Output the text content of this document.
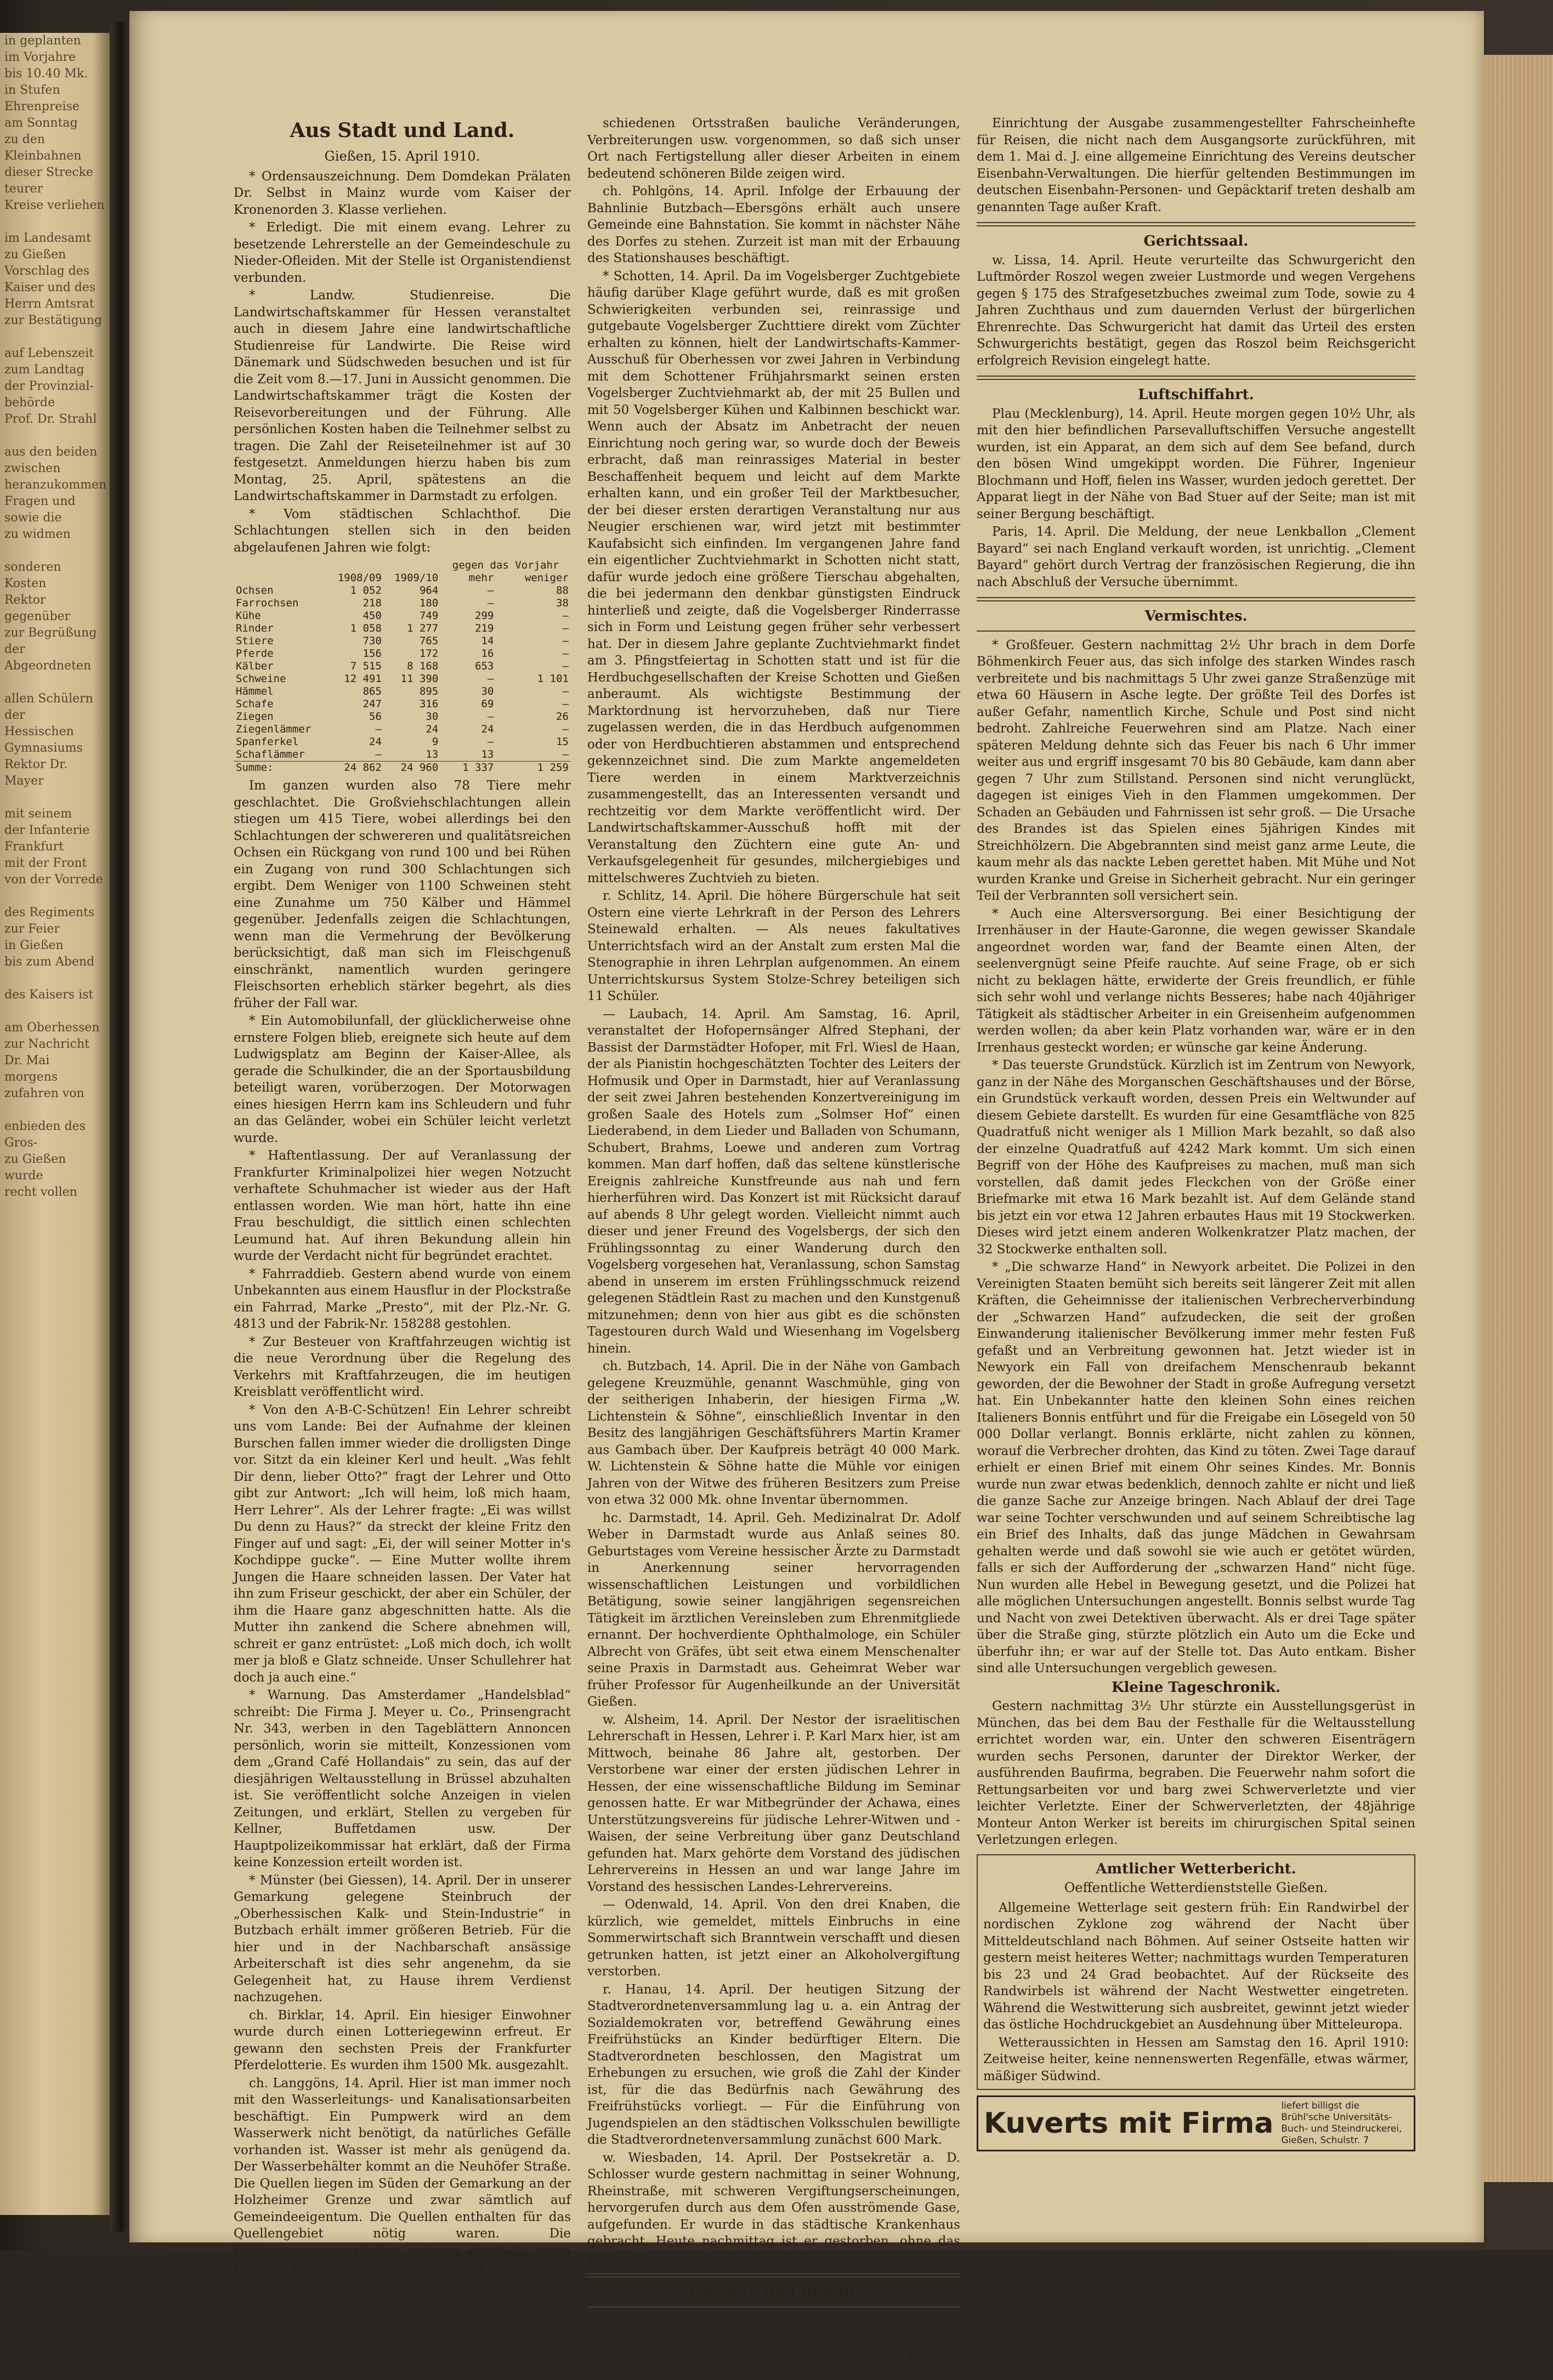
in geplanten
im Vorjahre
bis 10.40 Mk.
in Stufen
Ehrenpreise
am Sonntag
zu den Kleinbahnen
dieser Strecke
teurer
Kreise verliehen

im Landesamt
zu Gießen
Vorschlag des
Kaiser und des
Herrn Amtsrat
zur Bestätigung

auf Lebenszeit
zum Landtag
der Provinzial-
behörde
Prof. Dr. Strahl

aus den beiden
zwischen
heranzukommen
Fragen und
sowie die
zu widmen

sonderen Kosten
Rektor gegenüber
zur Begrüßung
der Abgeordneten

allen Schülern der
Hessischen
Gymnasiums
Rektor Dr. Mayer

mit seinem
der Infanterie
Frankfurt
mit der Front
von der Vorrede

des Regiments
zur Feier
in Gießen
bis zum Abend

des Kaisers ist

am Oberhessen
zur Nachricht
Dr. Mai morgens
zufahren von

enbieden des Gros-
zu Gießen
wurde
recht vollen
Aus Stadt und Land.
Gießen, 15. April 1910.

* Ordensauszeichnung. Dem Domdekan Prälaten Dr. Selbst in Mainz wurde vom Kaiser der Kronenorden 3. Klasse verliehen.

* Erledigt. Die mit einem evang. Lehrer zu besetzende Lehrerstelle an der Gemeindeschule zu Nieder-Ofleiden. Mit der Stelle ist Organistendienst verbunden.

* Landw. Studienreise. Die Landwirtschaftskammer für Hessen veranstaltet auch in diesem Jahre eine landwirtschaftliche Studienreise für Landwirte. Die Reise wird Dänemark und Südschweden besuchen und ist für die Zeit vom 8.—17. Juni in Aussicht genommen. Die Landwirtschaftskammer trägt die Kosten der Reisevorbereitungen und der Führung. Alle persönlichen Kosten haben die Teilnehmer selbst zu tragen. Die Zahl der Reiseteilnehmer ist auf 30 festgesetzt. Anmeldungen hierzu haben bis zum Montag, 25. April, spätestens an die Landwirtschaftskammer in Darmstadt zu erfolgen.

* Vom städtischen Schlachthof. Die Schlachtungen stellen sich in den beiden abgelaufenen Jahren wie folgt:

			gegen das Vorjahr	
	1908/09	1909/10	mehr	weniger
Ochsen	1 052	964	—	88
Farrochsen	218	180	—	38
Kühe	450	749	299	—
Rinder	1 058	1 277	219	—
Stiere	730	765	14	—
Pferde	156	172	16	—
Kälber	7 515	8 168	653	—
Schweine	12 491	11 390	—	1 101
Hämmel	865	895	30	—
Schafe	247	316	69	—
Ziegen	56	30	—	26
Ziegenlämmer	—	24	24	—
Spanferkel	24	9	—	15
Schaflämmer	—	13	13	—
Summe:	24 862	24 960	1 337	1 259

Im ganzen wurden also 78 Tiere mehr geschlachtet. Die Großviehschlachtungen allein stiegen um 415 Tiere, wobei allerdings bei den Schlachtungen der schwereren und qualitätsreichen Ochsen ein Rückgang von rund 100 und bei Rühen ein Zugang von rund 300 Schlachtungen sich ergibt. Dem Weniger von 1100 Schweinen steht eine Zunahme um 750 Kälber und Hämmel gegenüber. Jedenfalls zeigen die Schlachtungen, wenn man die Vermehrung der Bevölkerung berücksichtigt, daß man sich im Fleischgenuß einschränkt, namentlich wurden geringere Fleischsorten erheblich stärker begehrt, als dies früher der Fall war.

* Ein Automobilunfall, der glücklicherweise ohne ernstere Folgen blieb, ereignete sich heute auf dem Ludwigsplatz am Beginn der Kaiser-Allee, als gerade die Schulkinder, die an der Sportausbildung beteiligt waren, vorüberzogen. Der Motorwagen eines hiesigen Herrn kam ins Schleudern und fuhr an das Geländer, wobei ein Schüler leicht verletzt wurde.

* Haftentlassung. Der auf Veranlassung der Frankfurter Kriminalpolizei hier wegen Notzucht verhaftete Schuhmacher ist wieder aus der Haft entlassen worden. Wie man hört, hatte ihn eine Frau beschuldigt, die sittlich einen schlechten Leumund hat. Auf ihren Bekundung allein hin wurde der Verdacht nicht für begründet erachtet.

* Fahrraddieb. Gestern abend wurde von einem Unbekannten aus einem Hausflur in der Plockstraße ein Fahrrad, Marke „Presto“, mit der Plz.-Nr. G. 4813 und der Fabrik-Nr. 158288 gestohlen.

* Zur Besteuer von Kraftfahrzeugen wichtig ist die neue Verordnung über die Regelung des Verkehrs mit Kraftfahrzeugen, die im heutigen Kreisblatt veröffentlicht wird.

* Von den A-B-C-Schützen! Ein Lehrer schreibt uns vom Lande: Bei der Aufnahme der kleinen Burschen fallen immer wieder die drolligsten Dinge vor. Sitzt da ein kleiner Kerl und heult. „Was fehlt Dir denn, lieber Otto?“ fragt der Lehrer und Otto gibt zur Antwort: „Ich will heim, loß mich haam, Herr Lehrer“. Als der Lehrer fragte: „Ei was willst Du denn zu Haus?“ da streckt der kleine Fritz den Finger auf und sagt: „Ei, der will seiner Motter in's Kochdippe gucke“. — Eine Mutter wollte ihrem Jungen die Haare schneiden lassen. Der Vater hat ihn zum Friseur geschickt, der aber ein Schüler, der ihm die Haare ganz abgeschnitten hatte. Als die Mutter ihn zankend die Schere abnehmen will, schreit er ganz entrüstet: „Loß mich doch, ich wollt mer ja bloß e Glatz schneide. Unser Schullehrer hat doch ja auch eine.“

* Warnung. Das Amsterdamer „Handelsblad“ schreibt: Die Firma J. Meyer u. Co., Prinsengracht Nr. 343, werben in den Tageblättern Annoncen persönlich, worin sie mitteilt, Konzessionen vom dem „Grand Café Hollandais“ zu sein, das auf der diesjährigen Weltausstellung in Brüssel abzuhalten ist. Sie veröffentlicht solche Anzeigen in vielen Zeitungen, und erklärt, Stellen zu vergeben für Kellner, Buffetdamen usw. Der Hauptpolizeikommissar hat erklärt, daß der Firma keine Konzession erteilt worden ist.

* Münster (bei Giessen), 14. April. Der in unserer Gemarkung gelegene Steinbruch der „Oberhessischen Kalk- und Stein-Industrie“ in Butzbach erhält immer größeren Betrieb. Für die hier und in der Nachbarschaft ansässige Arbeiterschaft ist dies sehr angenehm, da sie Gelegenheit hat, zu Hause ihrem Verdienst nachzugehen.

ch. Birklar, 14. April. Ein hiesiger Einwohner wurde durch einen Lotteriegewinn erfreut. Er gewann den sechsten Preis der Frankfurter Pferdelotterie. Es wurden ihm 1500 Mk. ausgezahlt.

ch. Langgöns, 14. April. Hier ist man immer noch mit den Wasserleitungs- und Kanalisationsarbeiten beschäftigt. Ein Pumpwerk wird an dem Wasserwerk nicht benötigt, da natürliches Gefälle vorhanden ist. Wasser ist mehr als genügend da. Der Wasserbehälter kommt an die Neuhöfer Straße. Die Quellen liegen im Süden der Gemarkung an der Holzheimer Grenze und zwar sämtlich auf Gemeindeeigentum. Die Quellen enthalten für das Quellengebiet nötig waren. Die Feldbereinigungsarbeiten nehmen ebenfalls einen raschen Fortgang. In Verbindung mit allen diesen Arbeiten werden in verschiedenen Ortsstraßen bauliche Veränderungen vorgenommen.

schiedenen Ortsstraßen bauliche Veränderungen, Verbreiterungen usw. vorgenommen, so daß sich unser Ort nach Fertigstellung aller dieser Arbeiten in einem bedeutend schöneren Bilde zeigen wird.

ch. Pohlgöns, 14. April. Infolge der Erbauung der Bahnlinie Butzbach—Ebersgöns erhält auch unsere Gemeinde eine Bahnstation. Sie kommt in nächster Nähe des Dorfes zu stehen. Zurzeit ist man mit der Erbauung des Stationshauses beschäftigt.

* Schotten, 14. April. Da im Vogelsberger Zuchtgebiete häufig darüber Klage geführt wurde, daß es mit großen Schwierigkeiten verbunden sei, reinrassige und gutgebaute Vogelsberger Zuchttiere direkt vom Züchter erhalten zu können, hielt der Landwirtschafts-Kammer-Ausschuß für Oberhessen vor zwei Jahren in Verbindung mit dem Schottener Frühjahrsmarkt seinen ersten Vogelsberger Zuchtviehmarkt ab, der mit 25 Bullen und mit 50 Vogelsberger Kühen und Kalbinnen beschickt war. Wenn auch der Absatz im Anbetracht der neuen Einrichtung noch gering war, so wurde doch der Beweis erbracht, daß man reinrassiges Material in bester Beschaffenheit bequem und leicht auf dem Markte erhalten kann, und ein großer Teil der Marktbesucher, der bei dieser ersten derartigen Veranstaltung nur aus Neugier erschienen war, wird jetzt mit bestimmter Kaufabsicht sich einfinden. Im vergangenen Jahre fand ein eigentlicher Zuchtviehmarkt in Schotten nicht statt, dafür wurde jedoch eine größere Tierschau abgehalten, die bei jedermann den denkbar günstigsten Eindruck hinterließ und zeigte, daß die Vogelsberger Rinderrasse sich in Form und Leistung gegen früher sehr verbessert hat. Der in diesem Jahre geplante Zuchtviehmarkt findet am 3. Pfingstfeiertag in Schotten statt und ist für die Herdbuchgesellschaften der Kreise Schotten und Gießen anberaumt. Als wichtigste Bestimmung der Marktordnung ist hervorzuheben, daß nur Tiere zugelassen werden, die in das Herdbuch aufgenommen oder von Herdbuchtieren abstammen und entsprechend gekennzeichnet sind. Die zum Markte angemeldeten Tiere werden in einem Marktverzeichnis zusammengestellt, das an Interessenten versandt und rechtzeitig vor dem Markte veröffentlicht wird. Der Landwirtschaftskammer-Ausschuß hofft mit der Veranstaltung den Züchtern eine gute An- und Verkaufsgelegenheit für gesundes, milchergiebiges und mittelschweres Zuchtvieh zu bieten.

r. Schlitz, 14. April. Die höhere Bürgerschule hat seit Ostern eine vierte Lehrkraft in der Person des Lehrers Steinewald erhalten. — Als neues fakultatives Unterrichtsfach wird an der Anstalt zum ersten Mal die Stenographie in ihren Lehrplan aufgenommen. An einem Unterrichtskursus System Stolze-Schrey beteiligen sich 11 Schüler.

— Laubach, 14. April. Am Samstag, 16. April, veranstaltet der Hofopernsänger Alfred Stephani, der Bassist der Darmstädter Hofoper, mit Frl. Wiesl de Haan, der als Pianistin hochgeschätzten Tochter des Leiters der Hofmusik und Oper in Darmstadt, hier auf Veranlassung der seit zwei Jahren bestehenden Konzertvereinigung im großen Saale des Hotels zum „Solmser Hof“ einen Liederabend, in dem Lieder und Balladen von Schumann, Schubert, Brahms, Loewe und anderen zum Vortrag kommen. Man darf hoffen, daß das seltene künstlerische Ereignis zahlreiche Kunstfreunde aus nah und fern hierherführen wird. Das Konzert ist mit Rücksicht darauf auf abends 8 Uhr gelegt worden. Vielleicht nimmt auch dieser und jener Freund des Vogelsbergs, der sich den Frühlingssonntag zu einer Wanderung durch den Vogelsberg vorgesehen hat, Veranlassung, schon Samstag abend in unserem im ersten Frühlingsschmuck reizend gelegenen Städtlein Rast zu machen und den Kunstgenuß mitzunehmen; denn von hier aus gibt es die schönsten Tagestouren durch Wald und Wiesenhang im Vogelsberg hinein.

ch. Butzbach, 14. April. Die in der Nähe von Gambach gelegene Kreuzmühle, genannt Waschmühle, ging von der seitherigen Inhaberin, der hiesigen Firma „W. Lichtenstein & Söhne“, einschließlich Inventar in den Besitz des langjährigen Geschäftsführers Martin Kramer aus Gambach über. Der Kaufpreis beträgt 40 000 Mark. W. Lichtenstein & Söhne hatte die Mühle vor einigen Jahren von der Witwe des früheren Besitzers zum Preise von etwa 32 000 Mk. ohne Inventar übernommen.

hc. Darmstadt, 14. April. Geh. Medizinalrat Dr. Adolf Weber in Darmstadt wurde aus Anlaß seines 80. Geburtstages vom Vereine hessischer Ärzte zu Darmstadt in Anerkennung seiner hervorragenden wissenschaftlichen Leistungen und vorbildlichen Betätigung, sowie seiner langjährigen segensreichen Tätigkeit im ärztlichen Vereinsleben zum Ehrenmitgliede ernannt. Der hochverdiente Ophthalmologe, ein Schüler Albrecht von Gräfes, übt seit etwa einem Menschenalter seine Praxis in Darmstadt aus. Geheimrat Weber war früher Professor für Augenheilkunde an der Universität Gießen.

w. Alsheim, 14. April. Der Nestor der israelitischen Lehrerschaft in Hessen, Lehrer i. P. Karl Marx hier, ist am Mittwoch, beinahe 86 Jahre alt, gestorben. Der Verstorbene war einer der ersten jüdischen Lehrer in Hessen, der eine wissenschaftliche Bildung im Seminar genossen hatte. Er war Mitbegründer der Achawa, eines Unterstützungsvereins für jüdische Lehrer-Witwen und -Waisen, der seine Verbreitung über ganz Deutschland gefunden hat. Marx gehörte dem Vorstand des jüdischen Lehrervereins in Hessen an und war lange Jahre im Vorstand des hessischen Landes-Lehrervereins.

— Odenwald, 14. April. Von den drei Knaben, die kürzlich, wie gemeldet, mittels Einbruchs in eine Sommerwirtschaft sich Branntwein verschafft und diesen getrunken hatten, ist jetzt einer an Alkoholvergiftung verstorben.

r. Hanau, 14. April. Der heutigen Sitzung der Stadtverordnetenversammlung lag u. a. ein Antrag der Sozialdemokraten vor, betreffend Gewährung eines Freifrühstücks an Kinder bedürftiger Eltern. Die Stadtverordneten beschlossen, den Magistrat um Erhebungen zu ersuchen, wie groß die Zahl der Kinder ist, für die das Bedürfnis nach Gewährung des Freifrühstücks vorliegt. — Für die Einführung von Jugendspielen an den städtischen Volksschulen bewilligte die Stadtverordnetenversammlung zunächst 600 Mark.

w. Wiesbaden, 14. April. Der Postsekretär a. D. Schlosser wurde gestern nachmittag in seiner Wohnung, Rheinstraße, mit schweren Vergiftungserscheinungen, hervorgerufen durch aus dem Ofen ausströmende Gase, aufgefunden. Er wurde in das städtische Krankenhaus gebracht. Heute nachmittag ist er gestorben, ohne das Bewußtsein wieder erlangt zu haben.

Wandern und Reisen.

* Eine wichtige Neuerung im Reiseverkehr hat die ständige Tarifkommission in ihrer letzten Sitzung beschlossen. Danach wird die bisher nur für die deutschen Verkehre bestehende

Einrichtung der Ausgabe zusammengestellter Fahrscheinhefte für Reisen, die nicht nach dem Ausgangsorte zurückführen, mit dem 1. Mai d. J. eine allgemeine Einrichtung des Vereins deutscher Eisenbahn-Verwaltungen. Die hierfür geltenden Bestimmungen im deutschen Eisenbahn-Personen- und Gepäcktarif treten deshalb am genannten Tage außer Kraft.

Gerichtssaal.

w. Lissa, 14. April. Heute verurteilte das Schwurgericht den Luftmörder Roszol wegen zweier Lustmorde und wegen Vergehens gegen § 175 des Strafgesetzbuches zweimal zum Tode, sowie zu 4 Jahren Zuchthaus und zum dauernden Verlust der bürgerlichen Ehrenrechte. Das Schwurgericht hat damit das Urteil des ersten Schwurgerichts bestätigt, gegen das Roszol beim Reichsgericht erfolgreich Revision eingelegt hatte.

Luftschiffahrt.

Plau (Mecklenburg), 14. April. Heute morgen gegen 10½ Uhr, als mit den hier befindlichen Parsevalluftschiffen Versuche angestellt wurden, ist ein Apparat, an dem sich auf dem See befand, durch den bösen Wind umgekippt worden. Die Führer, Ingenieur Blochmann und Hoff, fielen ins Wasser, wurden jedoch gerettet. Der Apparat liegt in der Nähe von Bad Stuer auf der Seite; man ist mit seiner Bergung beschäftigt.

Paris, 14. April. Die Meldung, der neue Lenkballon „Clement Bayard“ sei nach England verkauft worden, ist unrichtig. „Clement Bayard“ gehört durch Vertrag der französischen Regierung, die ihn nach Abschluß der Versuche übernimmt.

Vermischtes.

* Großfeuer. Gestern nachmittag 2½ Uhr brach in dem Dorfe Böhmenkirch Feuer aus, das sich infolge des starken Windes rasch verbreitete und bis nachmittags 5 Uhr zwei ganze Straßenzüge mit etwa 60 Häusern in Asche legte. Der größte Teil des Dorfes ist außer Gefahr, namentlich Kirche, Schule und Post sind nicht bedroht. Zahlreiche Feuerwehren sind am Platze. Nach einer späteren Meldung dehnte sich das Feuer bis nach 6 Uhr immer weiter aus und ergriff insgesamt 70 bis 80 Gebäude, kam dann aber gegen 7 Uhr zum Stillstand. Personen sind nicht verunglückt, dagegen ist einiges Vieh in den Flammen umgekommen. Der Schaden an Gebäuden und Fahrnissen ist sehr groß. — Die Ursache des Brandes ist das Spielen eines 5jährigen Kindes mit Streichhölzern. Die Abgebrannten sind meist ganz arme Leute, die kaum mehr als das nackte Leben gerettet haben. Mit Mühe und Not wurden Kranke und Greise in Sicherheit gebracht. Nur ein geringer Teil der Verbrannten soll versichert sein.

* Auch eine Altersversorgung. Bei einer Besichtigung der Irrenhäuser in der Haute-Garonne, die wegen gewisser Skandale angeordnet worden war, fand der Beamte einen Alten, der seelenvergnügt seine Pfeife rauchte. Auf seine Frage, ob er sich nicht zu beklagen hätte, erwiderte der Greis freundlich, er fühle sich sehr wohl und verlange nichts Besseres; habe nach 40jähriger Tätigkeit als städtischer Arbeiter in ein Greisenheim aufgenommen werden wollen; da aber kein Platz vorhanden war, wäre er in den Irrenhaus gesteckt worden; er wünsche gar keine Änderung.

* Das teuerste Grundstück. Kürzlich ist im Zentrum von Newyork, ganz in der Nähe des Morganschen Geschäftshauses und der Börse, ein Grundstück verkauft worden, dessen Preis ein Weltwunder auf diesem Gebiete darstellt. Es wurden für eine Gesamtfläche von 825 Quadratfuß nicht weniger als 1 Million Mark bezahlt, so daß also der einzelne Quadratfuß auf 4242 Mark kommt. Um sich einen Begriff von der Höhe des Kaufpreises zu machen, muß man sich vorstellen, daß damit jedes Fleckchen von der Größe einer Briefmarke mit etwa 16 Mark bezahlt ist. Auf dem Gelände stand bis jetzt ein vor etwa 12 Jahren erbautes Haus mit 19 Stockwerken. Dieses wird jetzt einem anderen Wolkenkratzer Platz machen, der 32 Stockwerke enthalten soll.

* „Die schwarze Hand“ in Newyork arbeitet. Die Polizei in den Vereinigten Staaten bemüht sich bereits seit längerer Zeit mit allen Kräften, die Geheimnisse der italienischen Verbrecherverbindung der „Schwarzen Hand“ aufzudecken, die seit der großen Einwanderung italienischer Bevölkerung immer mehr festen Fuß gefaßt und an Verbreitung gewonnen hat. Jetzt wieder ist in Newyork ein Fall von dreifachem Menschenraub bekannt geworden, der die Bewohner der Stadt in große Aufregung versetzt hat. Ein Unbekannter hatte den kleinen Sohn eines reichen Italieners Bonnis entführt und für die Freigabe ein Lösegeld von 50 000 Dollar verlangt. Bonnis erklärte, nicht zahlen zu können, worauf die Verbrecher drohten, das Kind zu töten. Zwei Tage darauf erhielt er einen Brief mit einem Ohr seines Kindes. Mr. Bonnis wurde nun zwar etwas bedenklich, dennoch zahlte er nicht und ließ die ganze Sache zur Anzeige bringen. Nach Ablauf der drei Tage war seine Tochter verschwunden und auf seinem Schreibtische lag ein Brief des Inhalts, daß das junge Mädchen in Gewahrsam gehalten werde und daß sowohl sie wie auch er getötet würden, falls er sich der Aufforderung der „schwarzen Hand“ nicht füge. Nun wurden alle Hebel in Bewegung gesetzt, und die Polizei hat alle möglichen Untersuchungen angestellt. Bonnis selbst wurde Tag und Nacht von zwei Detektiven überwacht. Als er drei Tage später über die Straße ging, stürzte plötzlich ein Auto um die Ecke und überfuhr ihn; er war auf der Stelle tot. Das Auto entkam. Bisher sind alle Untersuchungen vergeblich gewesen.

Kleine Tageschronik.

Gestern nachmittag 3½ Uhr stürzte ein Ausstellungsgerüst in München, das bei dem Bau der Festhalle für die Weltausstellung errichtet worden war, ein. Unter den schweren Eisenträgern wurden sechs Personen, darunter der Direktor Werker, der ausführenden Baufirma, begraben. Die Feuerwehr nahm sofort die Rettungsarbeiten vor und barg zwei Schwerverletzte und vier leichter Verletzte. Einer der Schwerverletzten, der 48jährige Monteur Anton Werker ist bereits im chirurgischen Spital seinen Verletzungen erlegen.

Amtlicher Wetterbericht.
Oeffentliche Wetterdienststelle Gießen.

Allgemeine Wetterlage seit gestern früh: Ein Randwirbel der nordischen Zyklone zog während der Nacht über Mitteldeutschland nach Böhmen. Auf seiner Ostseite hatten wir gestern meist heiteres Wetter; nachmittags wurden Temperaturen bis 23 und 24 Grad beobachtet. Auf der Rückseite des Randwirbels ist während der Nacht Westwetter eingetreten. Während die Westwitterung sich ausbreitet, gewinnt jetzt wieder das östliche Hochdruckgebiet an Ausdehnung über Mitteleuropa.

Wetteraussichten in Hessen am Samstag den 16. April 1910: Zeitweise heiter, keine nennenswerten Regenfälle, etwas wärmer, mäßiger Südwind.

Kuverts mit Firma
liefert billigst die Brühl'sche Universitäts-Buch- und Steindruckerei, Gießen, Schulstr. 7
